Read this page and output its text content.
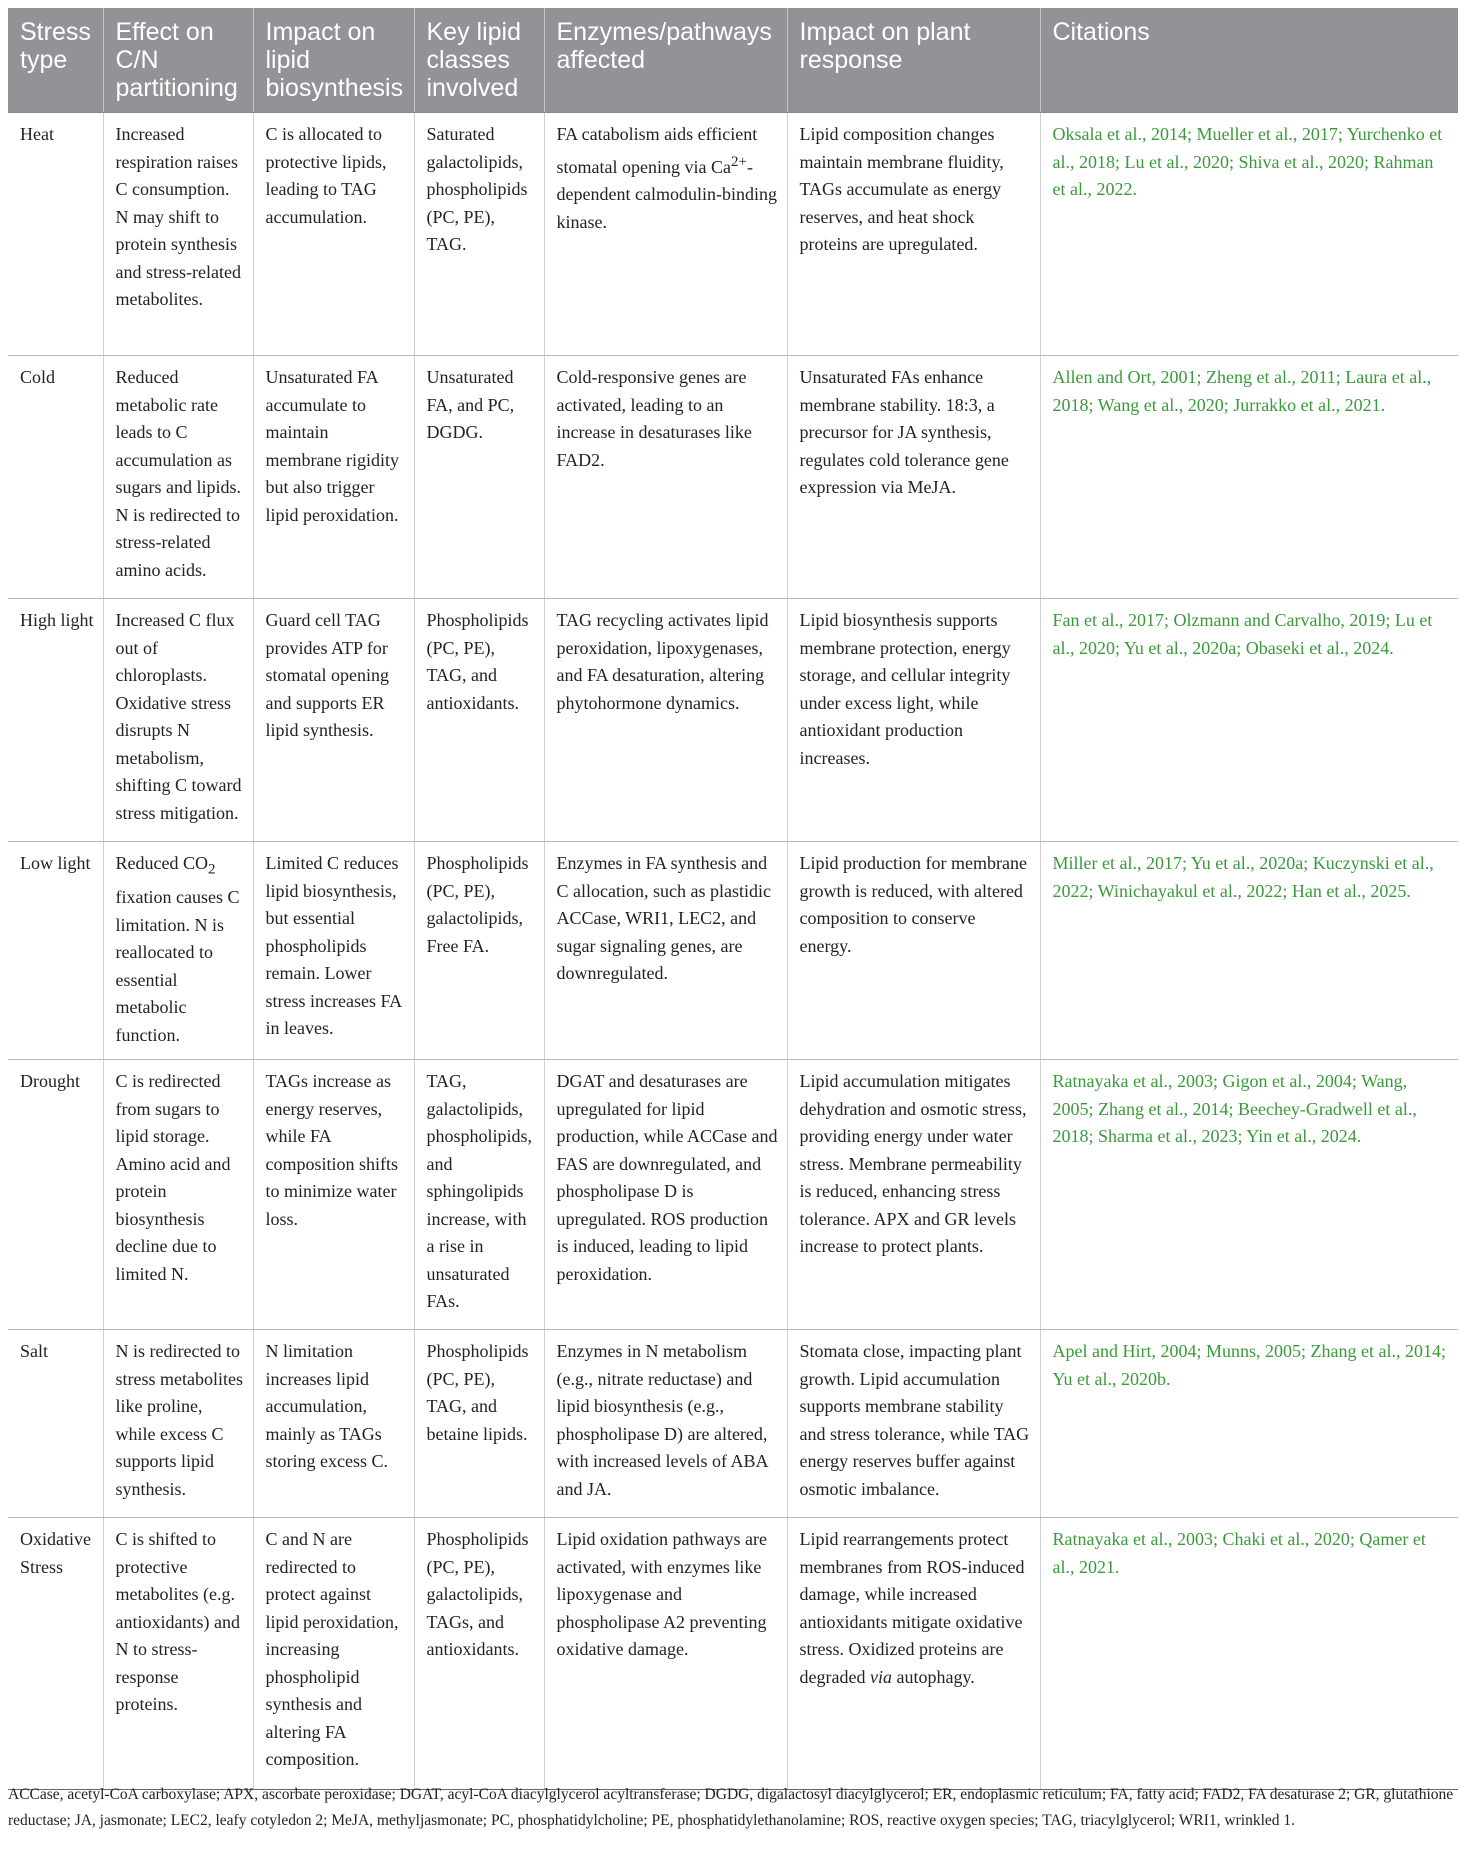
Stress type	Effect on C/N partitioning	Impact on lipid biosynthesis	Key lipid classes involved	Enzymes/pathways affected	Impact on plant response	Citations
Heat	Increased respiration raises C consumption. N may shift to protein synthesis and stress-related metabolites.	C is allocated to protective lipids, leading to TAG accumulation.	Saturated galactolipids, phospholipids (PC, PE), TAG.	FA catabolism aids efficient stomatal opening via $Ca^{2+}$-dependent calmodulin-binding kinase.	Lipid composition changes maintain membrane fluidity, TAGs accumulate as energy reserves, and heat shock proteins are upregulated.	Oksala et al., 2014; Mueller et al., 2017; Yurchenko et al., 2018; Lu et al., 2020; Shiva et al., 2020; Rahman et al., 2022.
Cold	Reduced metabolic rate leads to C accumulation as sugars and lipids. N is redirected to stress-related amino acids.	Unsaturated FA accumulate to maintain membrane rigidity but also trigger lipid peroxidation.	Unsaturated FA, and PC, DGDG.	Cold-responsive genes are activated, leading to an increase in desaturases like FAD2.	Unsaturated FAs enhance membrane stability. 18:3, a precursor for JA synthesis, regulates cold tolerance gene expression via MeJA.	Allen and Ort, 2001; Zheng et al., 2011; Laura et al., 2018; Wang et al., 2020; Jurrakko et al., 2021.
High light	Increased C flux out of chloroplasts. Oxidative stress disrupts N metabolism, shifting C toward stress mitigation.	Guard cell TAG provides ATP for stomatal opening and supports ER lipid synthesis.	Phospholipids (PC, PE), TAG, and antioxidants.	TAG recycling activates lipid peroxidation, lipoxygenases, and FA desaturation, altering phytohormone dynamics.	Lipid biosynthesis supports membrane protection, energy storage, and cellular integrity under excess light, while antioxidant production increases.	Fan et al., 2017; Olzmann and Carvalho, 2019; Lu et al., 2020; Yu et al., 2020a; Obaseki et al., 2024.
Low light	Reduced $CO_2$ fixation causes C limitation. N is reallocated to essential metabolic function.	Limited C reduces lipid biosynthesis, but essential phospholipids remain. Lower stress increases FA in leaves.	Phospholipids (PC, PE), galactolipids, Free FA.	Enzymes in FA synthesis and C allocation, such as plastidic ACCase, WRI1, LEC2, and sugar signaling genes, are downregulated.	Lipid production for membrane growth is reduced, with altered composition to conserve energy.	Miller et al., 2017; Yu et al., 2020a; Kuczynski et al., 2022; Winichayakul et al., 2022; Han et al., 2025.
Drought	C is redirected from sugars to lipid storage. Amino acid and protein biosynthesis decline due to limited N.	TAGs increase as energy reserves, while FA composition shifts to minimize water loss.	TAG, galactolipids, phospholipids, and sphingolipids increase, with a rise in unsaturated FAs.	DGAT and desaturases are upregulated for lipid production, while ACCase and FAS are downregulated, and phospholipase D is upregulated. ROS production is induced, leading to lipid peroxidation.	Lipid accumulation mitigates dehydration and osmotic stress, providing energy under water stress. Membrane permeability is reduced, enhancing stress tolerance. APX and GR levels increase to protect plants.	Ratnayaka et al., 2003; Gigon et al., 2004; Wang, 2005; Zhang et al., 2014; Beechey-Gradwell et al., 2018; Sharma et al., 2023; Yin et al., 2024.
Salt	N is redirected to stress metabolites like proline, while excess C supports lipid synthesis.	N limitation increases lipid accumulation, mainly as TAGs storing excess C.	Phospholipids (PC, PE), TAG, and betaine lipids.	Enzymes in N metabolism (e.g., nitrate reductase) and lipid biosynthesis (e.g., phospholipase D) are altered, with increased levels of ABA and JA.	Stomata close, impacting plant growth. Lipid accumulation supports membrane stability and stress tolerance, while TAG energy reserves buffer against osmotic imbalance.	Apel and Hirt, 2004; Munns, 2005; Zhang et al., 2014; Yu et al., 2020b.
Oxidative Stress	C is shifted to protective metabolites (e.g. antioxidants) and N to stress-response proteins.	C and N are redirected to protect against lipid peroxidation, increasing phospholipid synthesis and altering FA composition.	Phospholipids (PC, PE), galactolipids, TAGs, and antioxidants.	Lipid oxidation pathways are activated, with enzymes like lipoxygenase and phospholipase A2 preventing oxidative damage.	Lipid rearrangements protect membranes from ROS-induced damage, while increased antioxidants mitigate oxidative stress. Oxidized proteins are degraded via autophagy.	Ratnayaka et al., 2003; Chaki et al., 2020; Qamer et al., 2021.
ACCase, acetyl-CoA carboxylase; APX, ascorbate peroxidase; DGAT, acyl-CoA diacylglycerol acyltransferase; DGDG, digalactosyl diacylglycerol; ER, endoplasmic reticulum; FA, fatty acid; FAD2, FA desaturase 2; GR, glutathione reductase; JA, jasmonate; LEC2, leafy cotyledon 2; MeJA, methyljasmonate; PC, phosphatidylcholine; PE, phosphatidylethanolamine; ROS, reactive oxygen species; TAG, triacylglycerol; WRI1, wrinkled 1.
